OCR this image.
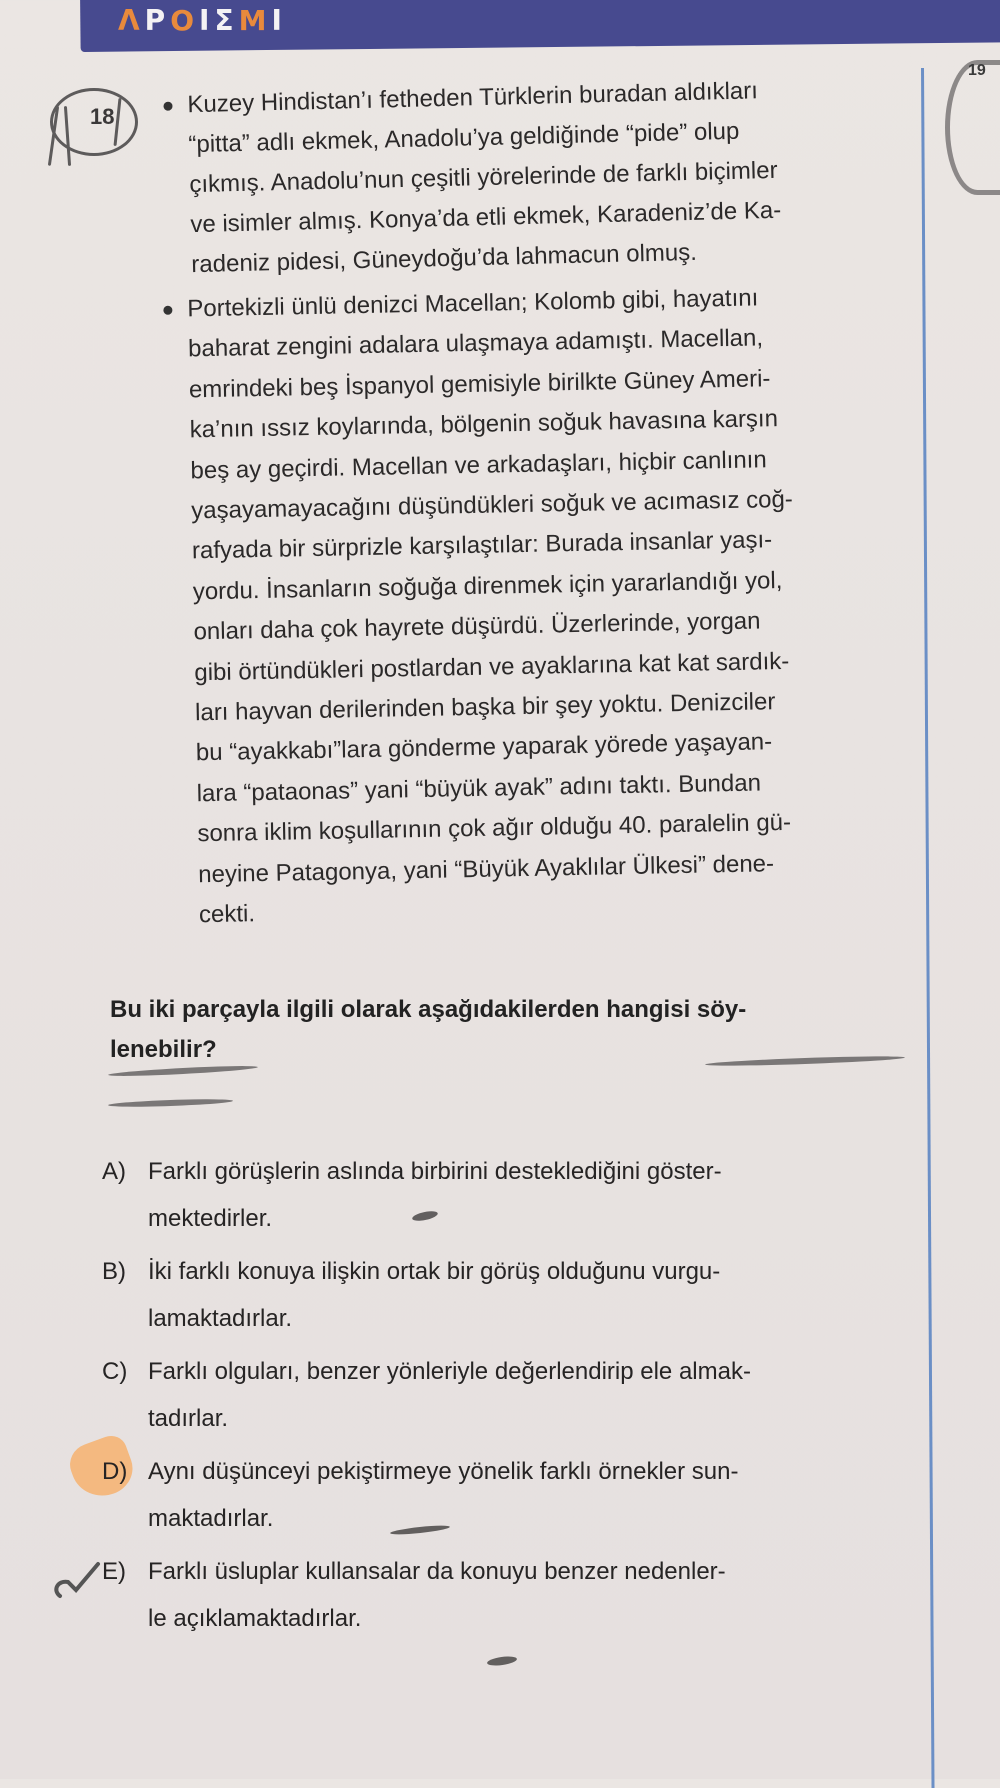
Λ Ρ O Ι Σ M Ι
19
18	Kuzey Hindistan’ı fetheden Türklerin buradan aldıkları
“pitta” adlı ekmek, Anadolu’ya geldiğinde “pide” olup
çıkmış. Anadolu’nun çeşitli yörelerinde de farklı biçimler
ve isimler almış. Konya’da etli ekmek, Karadeniz’de Ka-
radeniz pidesi, Güneydoğu’da lahmacun olmuş.
Portekizli ünlü denizci Macellan; Kolomb gibi, hayatını
baharat zengini adalara ulaşmaya adamıştı. Macellan,
emrindeki beş İspanyol gemisiyle birilkte Güney Ameri-
ka’nın ıssız koylarında, bölgenin soğuk havasına karşın
beş ay geçirdi. Macellan ve arkadaşları, hiçbir canlının
yaşayamayacağını düşündükleri soğuk ve acımasız coğ-
rafyada bir sürprizle karşılaştılar: Burada insanlar yaşı-
yordu. İnsanların soğuğa direnmek için yararlandığı yol,
onları daha çok hayrete düşürdü. Üzerlerinde, yorgan
gibi örtündükleri postlardan ve ayaklarına kat kat sardık-
ları hayvan derilerinden başka bir şey yoktu. Denizciler
bu “ayakkabı”lara gönderme yaparak yörede yaşayan-
lara “pataonas” yani “büyük ayak” adını taktı. Bundan
sonra iklim koşullarının çok ağır olduğu 40. paralelin gü-
neyine Patagonya, yani “Büyük Ayaklılar Ülkesi” dene-
cekti.
Bu iki parçayla ilgili olarak aşağıdakilerden hangisi söy-
lenebilir?
A) Farklı görüşlerin aslında birbirini desteklediğini göster-
mektedirler.
B) İki farklı konuya ilişkin ortak bir görüş olduğunu vurgu-
lamaktadırlar.
C) Farklı olguları, benzer yönleriyle değerlendirip ele almak-
tadırlar.
D) Aynı düşünceyi pekiştirmeye yönelik farklı örnekler sun-
maktadırlar.
E) Farklı üsluplar kullansalar da konuyu benzer nedenler-
le açıklamaktadırlar.
